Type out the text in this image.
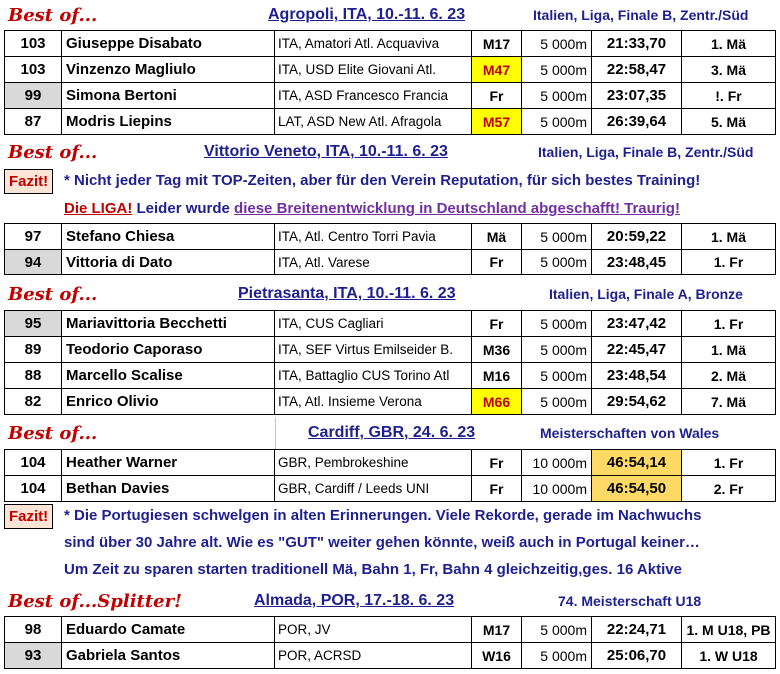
Best of...	Agropoli, ITA, 10.-11. 6. 23	Italien, Liga, Finale B, Zentr./Süd
103	Giuseppe Disabato	ITA, Amatori Atl. Acquaviva	M17	5 000m	21:33,70	1. Mä
103	Vinzenzo Magliulo	ITA, USD Elite Giovani Atl.	M47	5 000m	22:58,47	3. Mä
99	Simona Bertoni	ITA, ASD Francesco Francia	Fr	5 000m	23:07,35	!. Fr
87	Modris Liepins	LAT, ASD New Atl. Afragola	M57	5 000m	26:39,64	5. Mä
Best of...	Vittorio Veneto, ITA, 10.-11. 6. 23	Italien, Liga, Finale B, Zentr./Süd
Fazit!	* Nicht jeder Tag mit TOP-Zeiten, aber für den Verein Reputation, für sich bestes Training!
Die LIGA! Leider wurde diese Breitenentwicklung in Deutschland abgeschafft! Traurig!
97	Stefano Chiesa	ITA, Atl. Centro Torri Pavia	Mä	5 000m	20:59,22	1. Mä
94	Vittoria di Dato	ITA, Atl. Varese	Fr	5 000m	23:48,45	1. Fr
Best of...	Pietrasanta, ITA, 10.-11. 6. 23	Italien, Liga, Finale A, Bronze
95	Mariavittoria Becchetti	ITA, CUS Cagliari	Fr	5 000m	23:47,42	1. Fr
89	Teodorio Caporaso	ITA, SEF Virtus Emilseider B.	M36	5 000m	22:45,47	1. Mä
88	Marcello Scalise	ITA, Battaglio CUS Torino Atl	M16	5 000m	23:48,54	2. Mä
82	Enrico Olivio	ITA, Atl. Insieme Verona	M66	5 000m	29:54,62	7. Mä
Best of...	Cardiff, GBR, 24. 6. 23	Meisterschaften von Wales
104	Heather Warner	GBR, Pembrokeshine	Fr	10 000m	46:54,14	1. Fr
104	Bethan Davies	GBR, Cardiff / Leeds UNI	Fr	10 000m	46:54,50	2. Fr
Fazit!	* Die Portugiesen schwelgen in alten Erinnerungen. Viele Rekorde, gerade im Nachwuchs
sind über 30 Jahre alt. Wie es "GUT" weiter gehen könnte, weiß auch in Portugal keiner…
Um Zeit zu sparen starten traditionell Mä, Bahn 1, Fr, Bahn 4 gleichzeitig,ges. 16 Aktive
Best of...Splitter!	Almada, POR, 17.-18. 6. 23	74. Meisterschaft U18
98	Eduardo Camate	POR, JV	M17	5 000m	22:24,71	1. M U18, PB
93	Gabriela Santos	POR, ACRSD	W16	5 000m	25:06,70	1. W U18
